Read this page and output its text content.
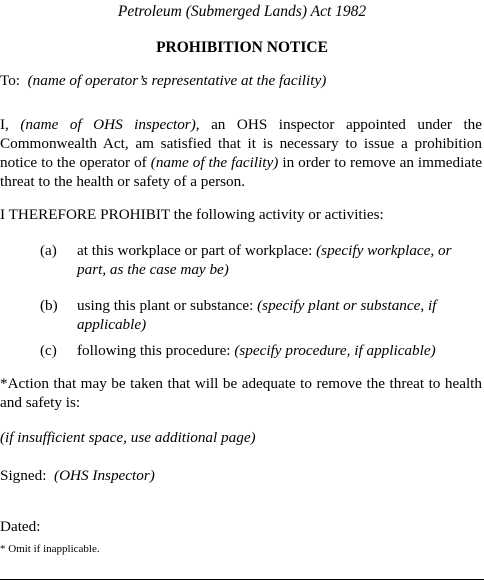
Petroleum (Submerged Lands) Act 1982
PROHIBITION NOTICE
To: (name of operator’s representative at the facility)
I, (name of OHS inspector), an OHS inspector appointed under the Commonwealth Act, am satisfied that it is necessary to issue a prohibition notice to the operator of (name of the facility) in order to remove an immediate threat to the health or safety of a person.
I THEREFORE PROHIBIT the following activity or activities:
(a)	at this workplace or part of workplace: (specify workplace, or part, as the case may be)
(b)	using this plant or substance: (specify plant or substance, if applicable)
(c)	following this procedure: (specify procedure, if applicable)
*Action that may be taken that will be adequate to remove the threat to health and safety is:
(if insufficient space, use additional page)
Signed: (OHS Inspector)
Dated:
* Omit if inapplicable.
